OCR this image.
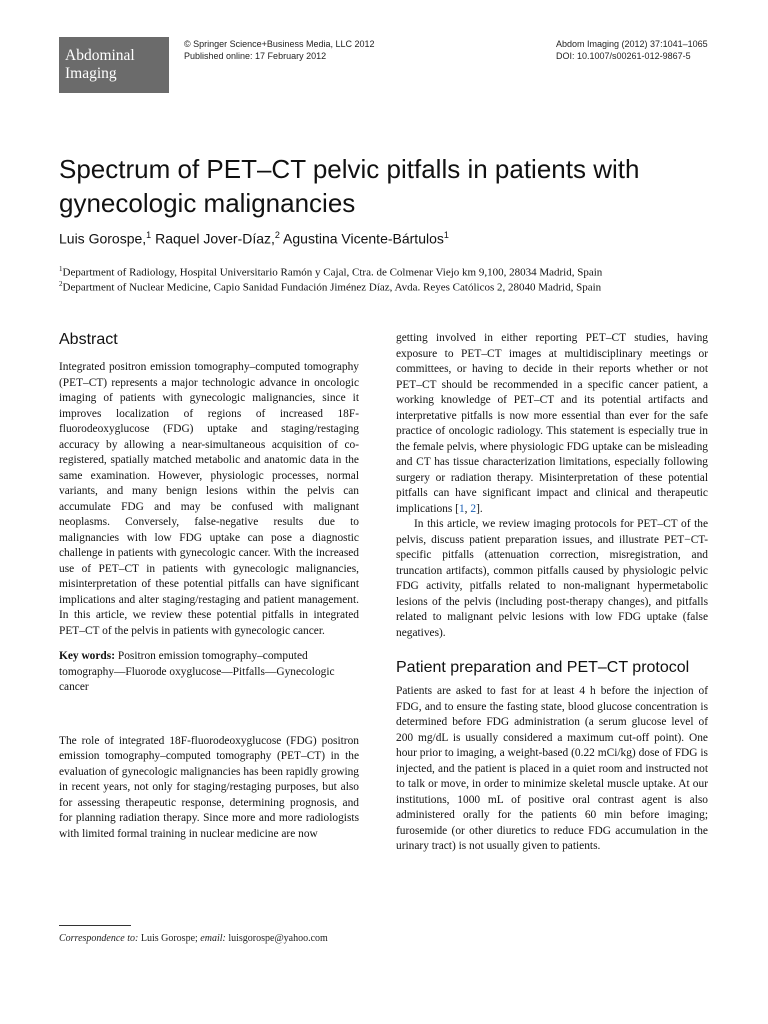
Abdominal
Imaging
© Springer Science+Business Media, LLC 2012
Published online: 17 February 2012
Abdom Imaging (2012) 37:1041–1065
DOI: 10.1007/s00261-012-9867-5
Spectrum of PET–CT pelvic pitfalls in patients with gynecologic malignancies

Luis Gorospe,$^1$ Raquel Jover-Díaz,$^2$ Agustina Vicente-Bártulos$^1$

$^1$Department of Radiology, Hospital Universitario Ramón y Cajal, Ctra. de Colmenar Viejo km 9,100, 28034 Madrid, Spain
$^2$Department of Nuclear Medicine, Capio Sanidad Fundación Jiménez Díaz, Avda. Reyes Católicos 2, 28040 Madrid, Spain
Abstract

Integrated positron emission tomography–computed tomography (PET–CT) represents a major technologic advance in oncologic imaging of patients with gynecologic malignancies, since it improves localization of regions of increased 18F-fluorodeoxyglucose (FDG) uptake and staging/restaging accuracy by allowing a near-simultaneous acquisition of co-registered, spatially matched metabolic and anatomic data in the same examination. However, physiologic processes, normal variants, and many benign lesions within the pelvis can accumulate FDG and may be confused with malignant neoplasms. Conversely, false-negative results due to malignancies with low FDG uptake can pose a diagnostic challenge in patients with gynecologic cancer. With the increased use of PET–CT in patients with gynecologic malignancies, misinterpretation of these potential pitfalls can have significant implications and alter staging/restaging and patient management. In this article, we review these potential pitfalls in integrated PET–CT of the pelvis in patients with gynecologic cancer.

Key words: Positron emission tomography–computed tomography—Fluorode oxyglucose—Pitfalls—Gynecologic cancer

The role of integrated 18F-fluorodeoxyglucose (FDG) positron emission tomography–computed tomography (PET–CT) in the evaluation of gynecologic malignancies has been rapidly growing in recent years, not only for staging/restaging purposes, but also for assessing therapeutic response, determining prognosis, and for planning radiation therapy. Since more and more radiologists with limited formal training in nuclear medicine are now

Correspondence to: Luis Gorospe; email: luisgorospe@yahoo.com

getting involved in either reporting PET–CT studies, having exposure to PET–CT images at multidisciplinary meetings or committees, or having to decide in their reports whether or not PET–CT should be recommended in a specific cancer patient, a working knowledge of PET–CT and its potential artifacts and interpretative pitfalls is now more essential than ever for the safe practice of oncologic radiology. This statement is especially true in the female pelvis, where physiologic FDG uptake can be misleading and CT has tissue characterization limitations, especially following surgery or radiation therapy. Misinterpretation of these potential pitfalls can have significant impact and clinical and therapeutic implications [1, 2].

In this article, we review imaging protocols for PET–CT of the pelvis, discuss patient preparation issues, and illustrate PET−CT-specific pitfalls (attenuation correction, misregistration, and truncation artifacts), common pitfalls caused by physiologic pelvic FDG activity, pitfalls related to non-malignant hypermetabolic lesions of the pelvis (including post-therapy changes), and pitfalls related to malignant pelvic lesions with low FDG uptake (false negatives).

Patient preparation and PET–CT protocol

Patients are asked to fast for at least 4 h before the injection of FDG, and to ensure the fasting state, blood glucose concentration is determined before FDG administration (a serum glucose level of 200 mg/dL is usually considered a maximum cut-off point). One hour prior to imaging, a weight-based (0.22 mCi/kg) dose of FDG is injected, and the patient is placed in a quiet room and instructed not to talk or move, in order to minimize skeletal muscle uptake. At our institutions, 1000 mL of positive oral contrast agent is also administered orally for the patients 60 min before imaging; furosemide (or other diuretics to reduce FDG accumulation in the urinary tract) is not usually given to patients.
